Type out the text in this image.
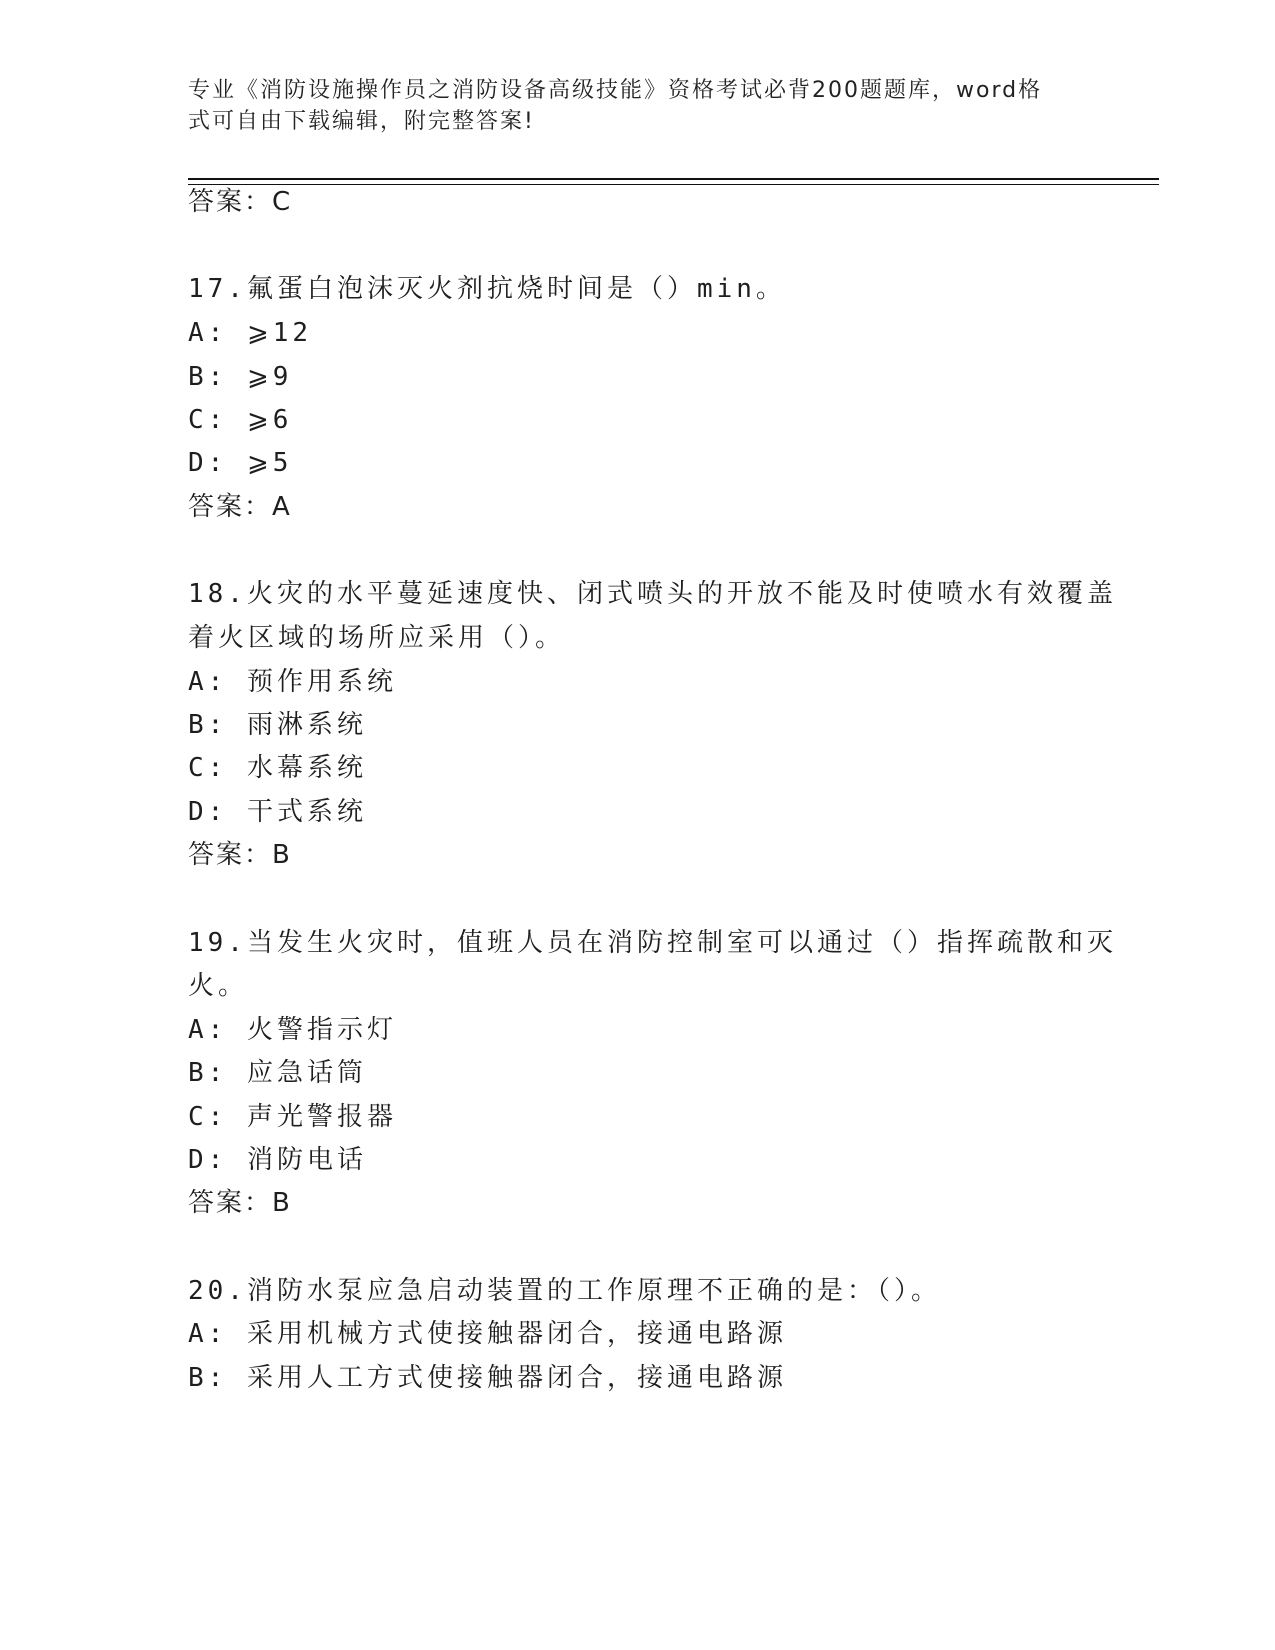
专业《消防设施操作员之消防设备高级技能》资格考试必背200题题库，word格
式可自由下载编辑，附完整答案!
答案：C
17.氟蛋白泡沫灭火剂抗烧时间是（）min。
A: ⩾12
B: ⩾9
C: ⩾6
D: ⩾5
答案：A
18.火灾的水平蔓延速度快、闭式喷头的开放不能及时使喷水有效覆盖
着火区域的场所应采用（）。
A: 预作用系统
B: 雨淋系统
C: 水幕系统
D: 干式系统
答案：B
19.当发生火灾时，值班人员在消防控制室可以通过（）指挥疏散和灭
火。
A: 火警指示灯
B: 应急话筒
C: 声光警报器
D: 消防电话
答案：B
20.消防水泵应急启动装置的工作原理不正确的是：（）。
A: 采用机械方式使接触器闭合，接通电路源
B: 采用人工方式使接触器闭合，接通电路源
